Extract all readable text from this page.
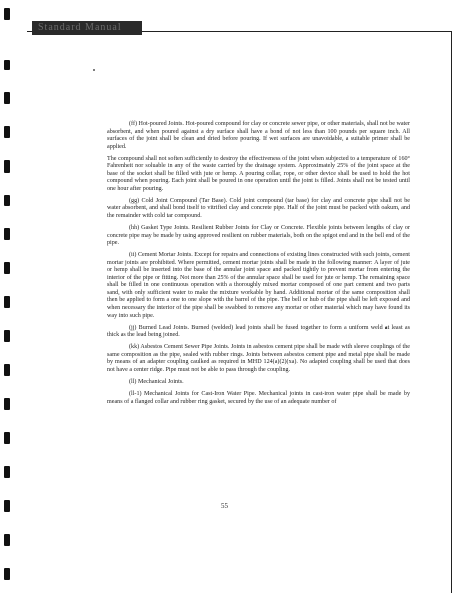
Standard Manual

(ff) Hot-poured Joints. Hot-poured compound for clay or concrete sewer pipe, or other materials, shall not be water absorbent, and when poured against a dry surface shall have a bond of not less than 100 pounds per square inch. All surfaces of the joint shall be clean and dried before pouring. If wet surfaces are unavoidable, a suitable primer shall be applied.

The compound shall not soften sufficiently to destroy the effectiveness of the joint when subjected to a temperature of 160° Fahrenheit nor soluable in any of the waste carried by the drainage system. Approximately 25% of the joint space at the base of the socket shall be filled with jute or hemp. A pouring collar, rope, or other device shall be used to hold the hot compound when pouring. Each joint shall be poured in one operation until the joint is filled. Joints shall not be tested until one hour after pouring.

(gg) Cold Joint Compound (Tar Base). Cold joint compound (tar base) for clay and concrete pipe shall not be water absorbent, and shall bond itself to vitrified clay and concrete pipe. Half of the joint must be packed with oakum, and the remainder with cold tar compound.

(hh) Gasket Type Joints. Resilient Rubber Joints for Clay or Concrete. Flexible joints between lengths of clay or concrete pipe may be made by using approved resilient on rubber materials, both on the spigot end and in the bell end of the pipe.

(ii) Cement Mortar Joints. Except for repairs and connections of existing lines constructed with such joints, cement mortar joints are prohibited. Where permitted, cement mortar joints shall be made in the following manner: A layer of jute or hemp shall be inserted into the base of the annular joint space and packed tightly to prevent mortar from entering the interior of the pipe or fitting. Not more than 25% of the annular space shall be used for jute or hemp. The remaining space shall be filled in one continuous operation with a thoroughly mixed mortar composed of one part cement and two parts sand, with only sufficient water to make the mixture workable by hand. Additional mortar of the same composition shall then be applied to form a one to one slope with the barrel of the pipe. The bell or hub of the pipe shall be left exposed and when necessary the interior of the pipe shall be swabbed to remove any mortar or other material which may have found its way into such pipe.

(jj) Burned Lead Joints. Burned (welded) lead joints shall be fused together to form a uniform weld at least as thick as the lead being joined.

(kk) Asbestos Cement Sewer Pipe Joints. Joints in asbestos cement pipe shall be made with sleeve couplings of the same composition as the pipe, sealed with rubber rings. Joints between asbestos cement pipe and metal pipe shall be made by means of an adapter coupling caulked as required in MHD 124(a)(2)(xa). No adapted coupling shall be used that does not have a center ridge. Pipe must not be able to pass through the coupling.

(ll) Mechanical Joints.

(ll-1) Mechanical Joints for Cast-Iron Water Pipe. Mechanical joints in cast-iron water pipe shall be made by means of a flanged collar and rubber ring gasket, secured by the use of an adequate number of

55
